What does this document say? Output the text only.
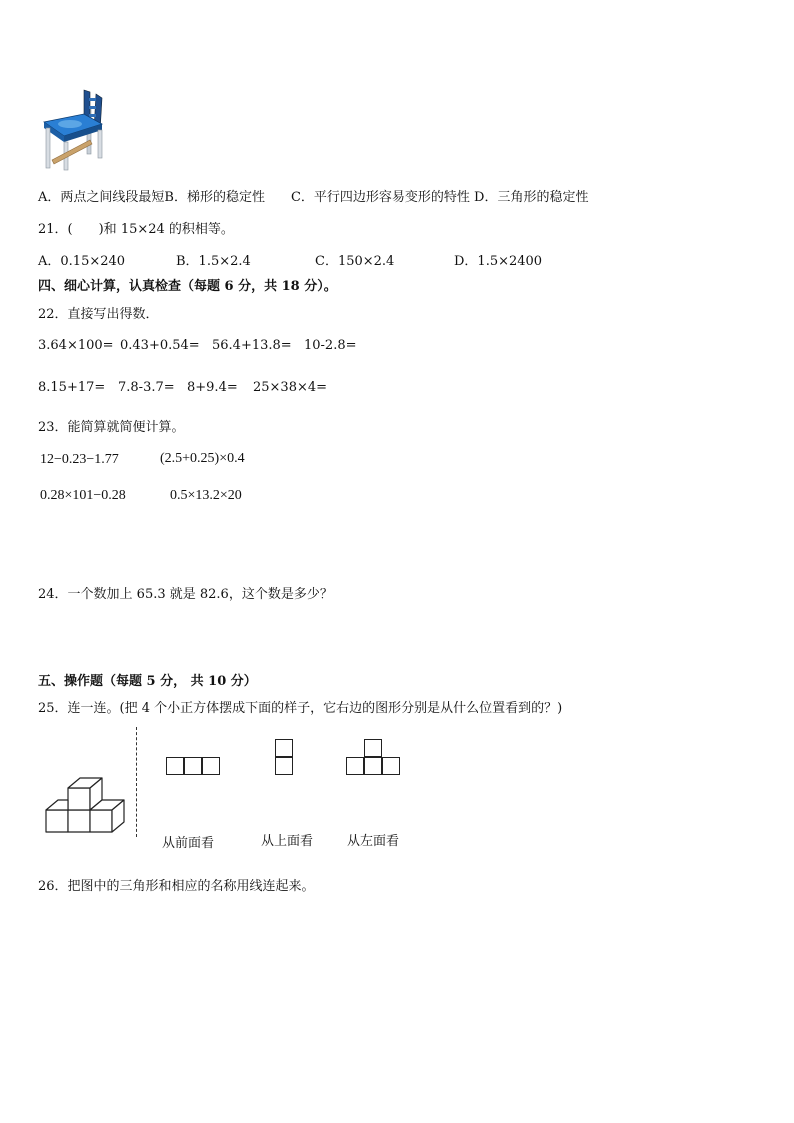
A．两点之间线段最短B．梯形的稳定性　　C．平行四边形容易变形的特性 D．三角形的稳定性
21．(　　)和 15×24 的积相等。
A．0.15×240	B．1.5×2.4	C．150×2.4	D．1.5×2400
四、细心计算，认真检查（每题 6 分，共 18 分）。
22．直接写出得数．
3.64×100= 0.43+0.54= 56.4+13.8= 10-2.8=
8.15+17= 7.8-3.7= 8+9.4= 25×38×4=
23．能简算就简便计算。
12−0.23−1.77	(2.5+0.25)×0.4
0.28×101−0.28	0.5×13.2×20
24．一个数加上 65.3 就是 82.6，这个数是多少？
五、操作题（每题 5 分， 共 10 分）
25．连一连。(把 4 个小正方体摆成下面的样子，它右边的图形分别是从什么位置看到的？)
从前面看	从上面看	从左面看
26．把图中的三角形和相应的名称用线连起来。
